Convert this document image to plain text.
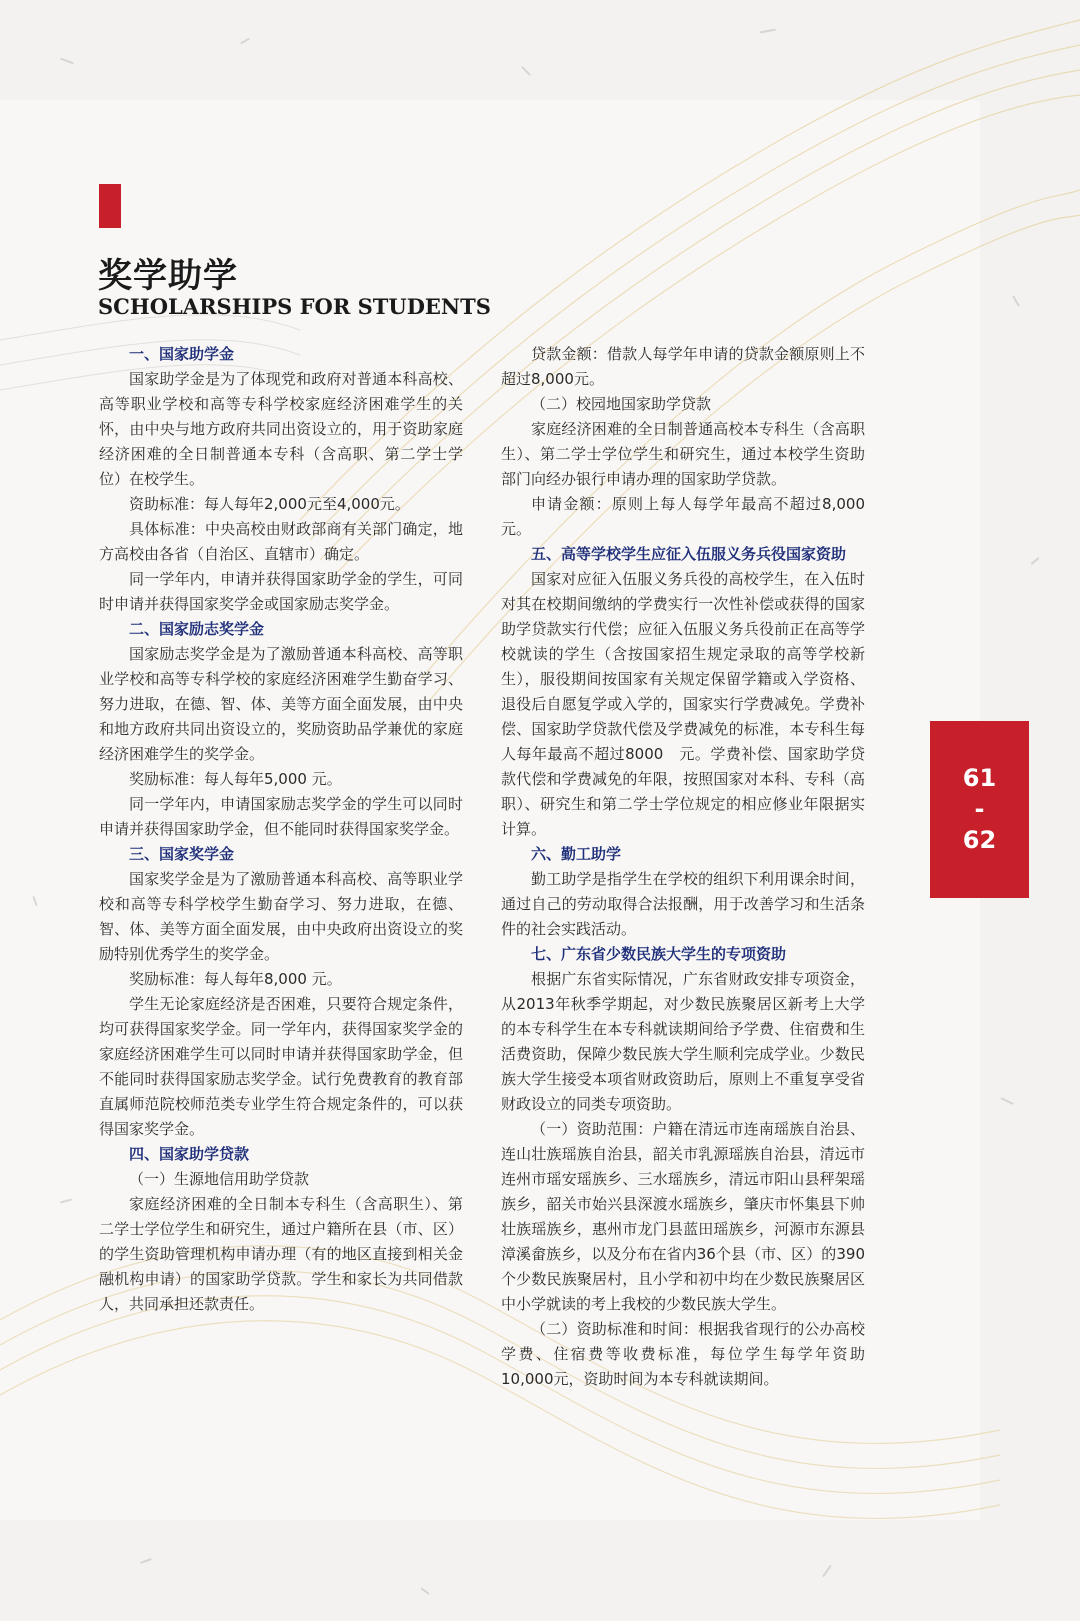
奖学助学
SCHOLARSHIPS FOR STUDENTS
一、国家助学金

国家助学金是为了体现党和政府对普通本科高校、高等职业学校和高等专科学校家庭经济困难学生的关怀，由中央与地方政府共同出资设立的，用于资助家庭经济困难的全日制普通本专科（含高职、第二学士学位）在校学生。

资助标准：每人每年2,000元至4,000元。

具体标准：中央高校由财政部商有关部门确定，地方高校由各省（自治区、直辖市）确定。

同一学年内，申请并获得国家助学金的学生，可同时申请并获得国家奖学金或国家励志奖学金。

二、国家励志奖学金

国家励志奖学金是为了激励普通本科高校、高等职业学校和高等专科学校的家庭经济困难学生勤奋学习、努力进取，在德、智、体、美等方面全面发展，由中央和地方政府共同出资设立的，奖励资助品学兼优的家庭经济困难学生的奖学金。

奖励标准：每人每年5,000 元。

同一学年内，申请国家励志奖学金的学生可以同时申请并获得国家助学金，但不能同时获得国家奖学金。

三、国家奖学金

国家奖学金是为了激励普通本科高校、高等职业学校和高等专科学校学生勤奋学习、努力进取，在德、智、体、美等方面全面发展，由中央政府出资设立的奖励特别优秀学生的奖学金。

奖励标准：每人每年8,000 元。

学生无论家庭经济是否困难，只要符合规定条件，均可获得国家奖学金。同一学年内，获得国家奖学金的家庭经济困难学生可以同时申请并获得国家助学金，但不能同时获得国家励志奖学金。试行免费教育的教育部直属师范院校师范类专业学生符合规定条件的，可以获得国家奖学金。

四、国家助学贷款

（一）生源地信用助学贷款

家庭经济困难的全日制本专科生（含高职生）、第二学士学位学生和研究生，通过户籍所在县（市、区）的学生资助管理机构申请办理（有的地区直接到相关金融机构申请）的国家助学贷款。学生和家长为共同借款人，共同承担还款责任。

贷款金额：借款人每学年申请的贷款金额原则上不超过8,000元。

（二）校园地国家助学贷款

家庭经济困难的全日制普通高校本专科生（含高职生）、第二学士学位学生和研究生，通过本校学生资助部门向经办银行申请办理的国家助学贷款。

申请金额：原则上每人每学年最高不超过8,000元。

五、高等学校学生应征入伍服义务兵役国家资助

国家对应征入伍服义务兵役的高校学生，在入伍时对其在校期间缴纳的学费实行一次性补偿或获得的国家助学贷款实行代偿；应征入伍服义务兵役前正在高等学校就读的学生（含按国家招生规定录取的高等学校新生），服役期间按国家有关规定保留学籍或入学资格、退役后自愿复学或入学的，国家实行学费减免。学费补偿、国家助学贷款代偿及学费减免的标准，本专科生每人每年最高不超过8000　元。学费补偿、国家助学贷款代偿和学费减免的年限，按照国家对本科、专科（高职）、研究生和第二学士学位规定的相应修业年限据实计算。

六、勤工助学

勤工助学是指学生在学校的组织下利用课余时间，通过自己的劳动取得合法报酬，用于改善学习和生活条件的社会实践活动。

七、广东省少数民族大学生的专项资助

根据广东省实际情况，广东省财政安排专项资金，从2013年秋季学期起，对少数民族聚居区新考上大学的本专科学生在本专科就读期间给予学费、住宿费和生活费资助，保障少数民族大学生顺利完成学业。少数民族大学生接受本项省财政资助后，原则上不重复享受省财政设立的同类专项资助。

（一）资助范围：户籍在清远市连南瑶族自治县、连山壮族瑶族自治县，韶关市乳源瑶族自治县，清远市连州市瑶安瑶族乡、三水瑶族乡，清远市阳山县秤架瑶族乡，韶关市始兴县深渡水瑶族乡，肇庆市怀集县下帅壮族瑶族乡，惠州市龙门县蓝田瑶族乡，河源市东源县漳溪畲族乡，以及分布在省内36个县（市、区）的390个少数民族聚居村，且小学和初中均在少数民族聚居区中小学就读的考上我校的少数民族大学生。

（二）资助标准和时间：根据我省现行的公办高校学费、住宿费等收费标准，每位学生每学年资助10,000元，资助时间为本专科就读期间。

61
-
62
